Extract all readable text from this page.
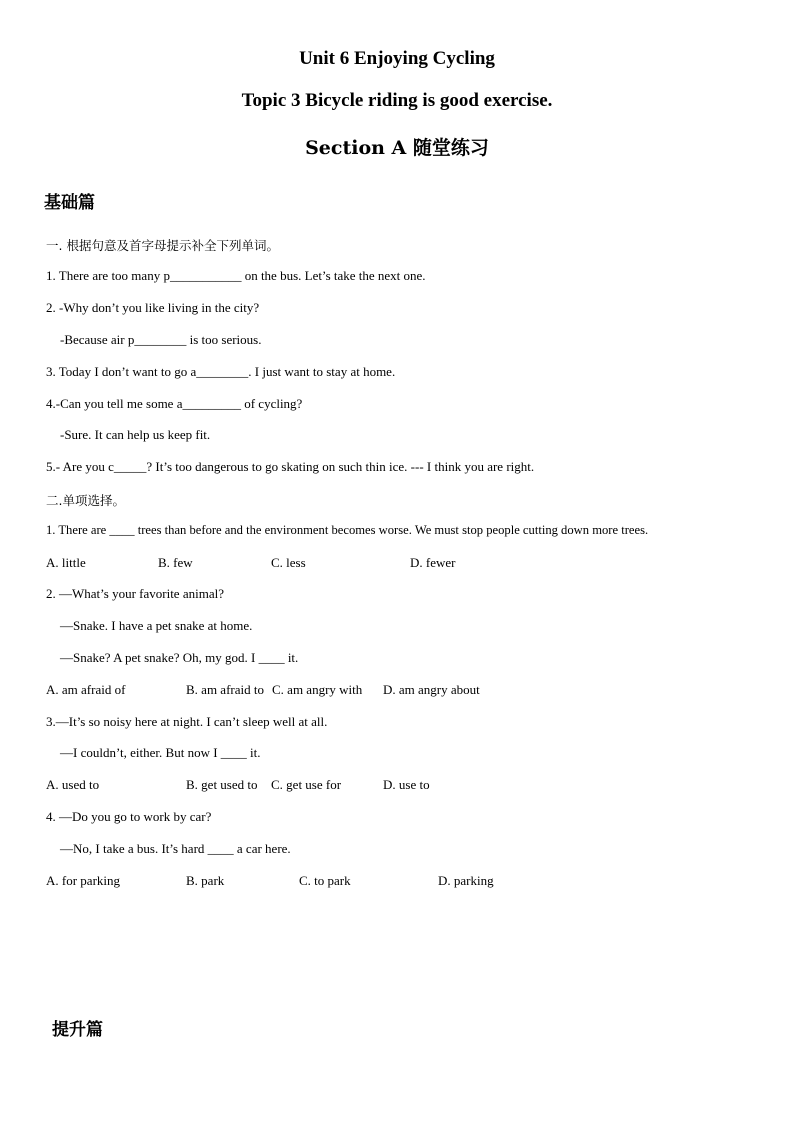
Unit 6 Enjoying Cycling
Topic 3 Bicycle riding is good exercise.
Section A 随堂练习
基础篇
一. 根据句意及首字母提示补全下列单词。
1. There are too many p___________ on the bus. Let’s take the next one.
2. -Why don’t you like living in the city?
-Because air p________ is too serious.
3. Today I don’t want to go a________. I just want to stay at home.
4.-Can you tell me some a_________ of cycling?
-Sure. It can help us keep fit.
5.- Are you c_____? It’s too dangerous to go skating on such thin ice. --- I think you are right.
二.单项选择。
1. There are ____ trees than before and the environment becomes worse. We must stop people cutting down more trees.
A. little	B. few	C. less	D. fewer
2. —What’s your favorite animal?
—Snake. I have a pet snake at home.
—Snake? A pet snake? Oh, my god. I ____ it.
A. am afraid of	B. am afraid to C. am angry with D. am angry about
3.—It’s so noisy here at night. I can’t sleep well at all.
—I couldn’t, either. But now I ____ it.
A. used to	B. get used to C. get use for	D. use to
4. —Do you go to work by car?
—No, I take a bus. It’s hard ____ a car here.
A. for parking	B. park	C. to park	D. parking
提升篇
